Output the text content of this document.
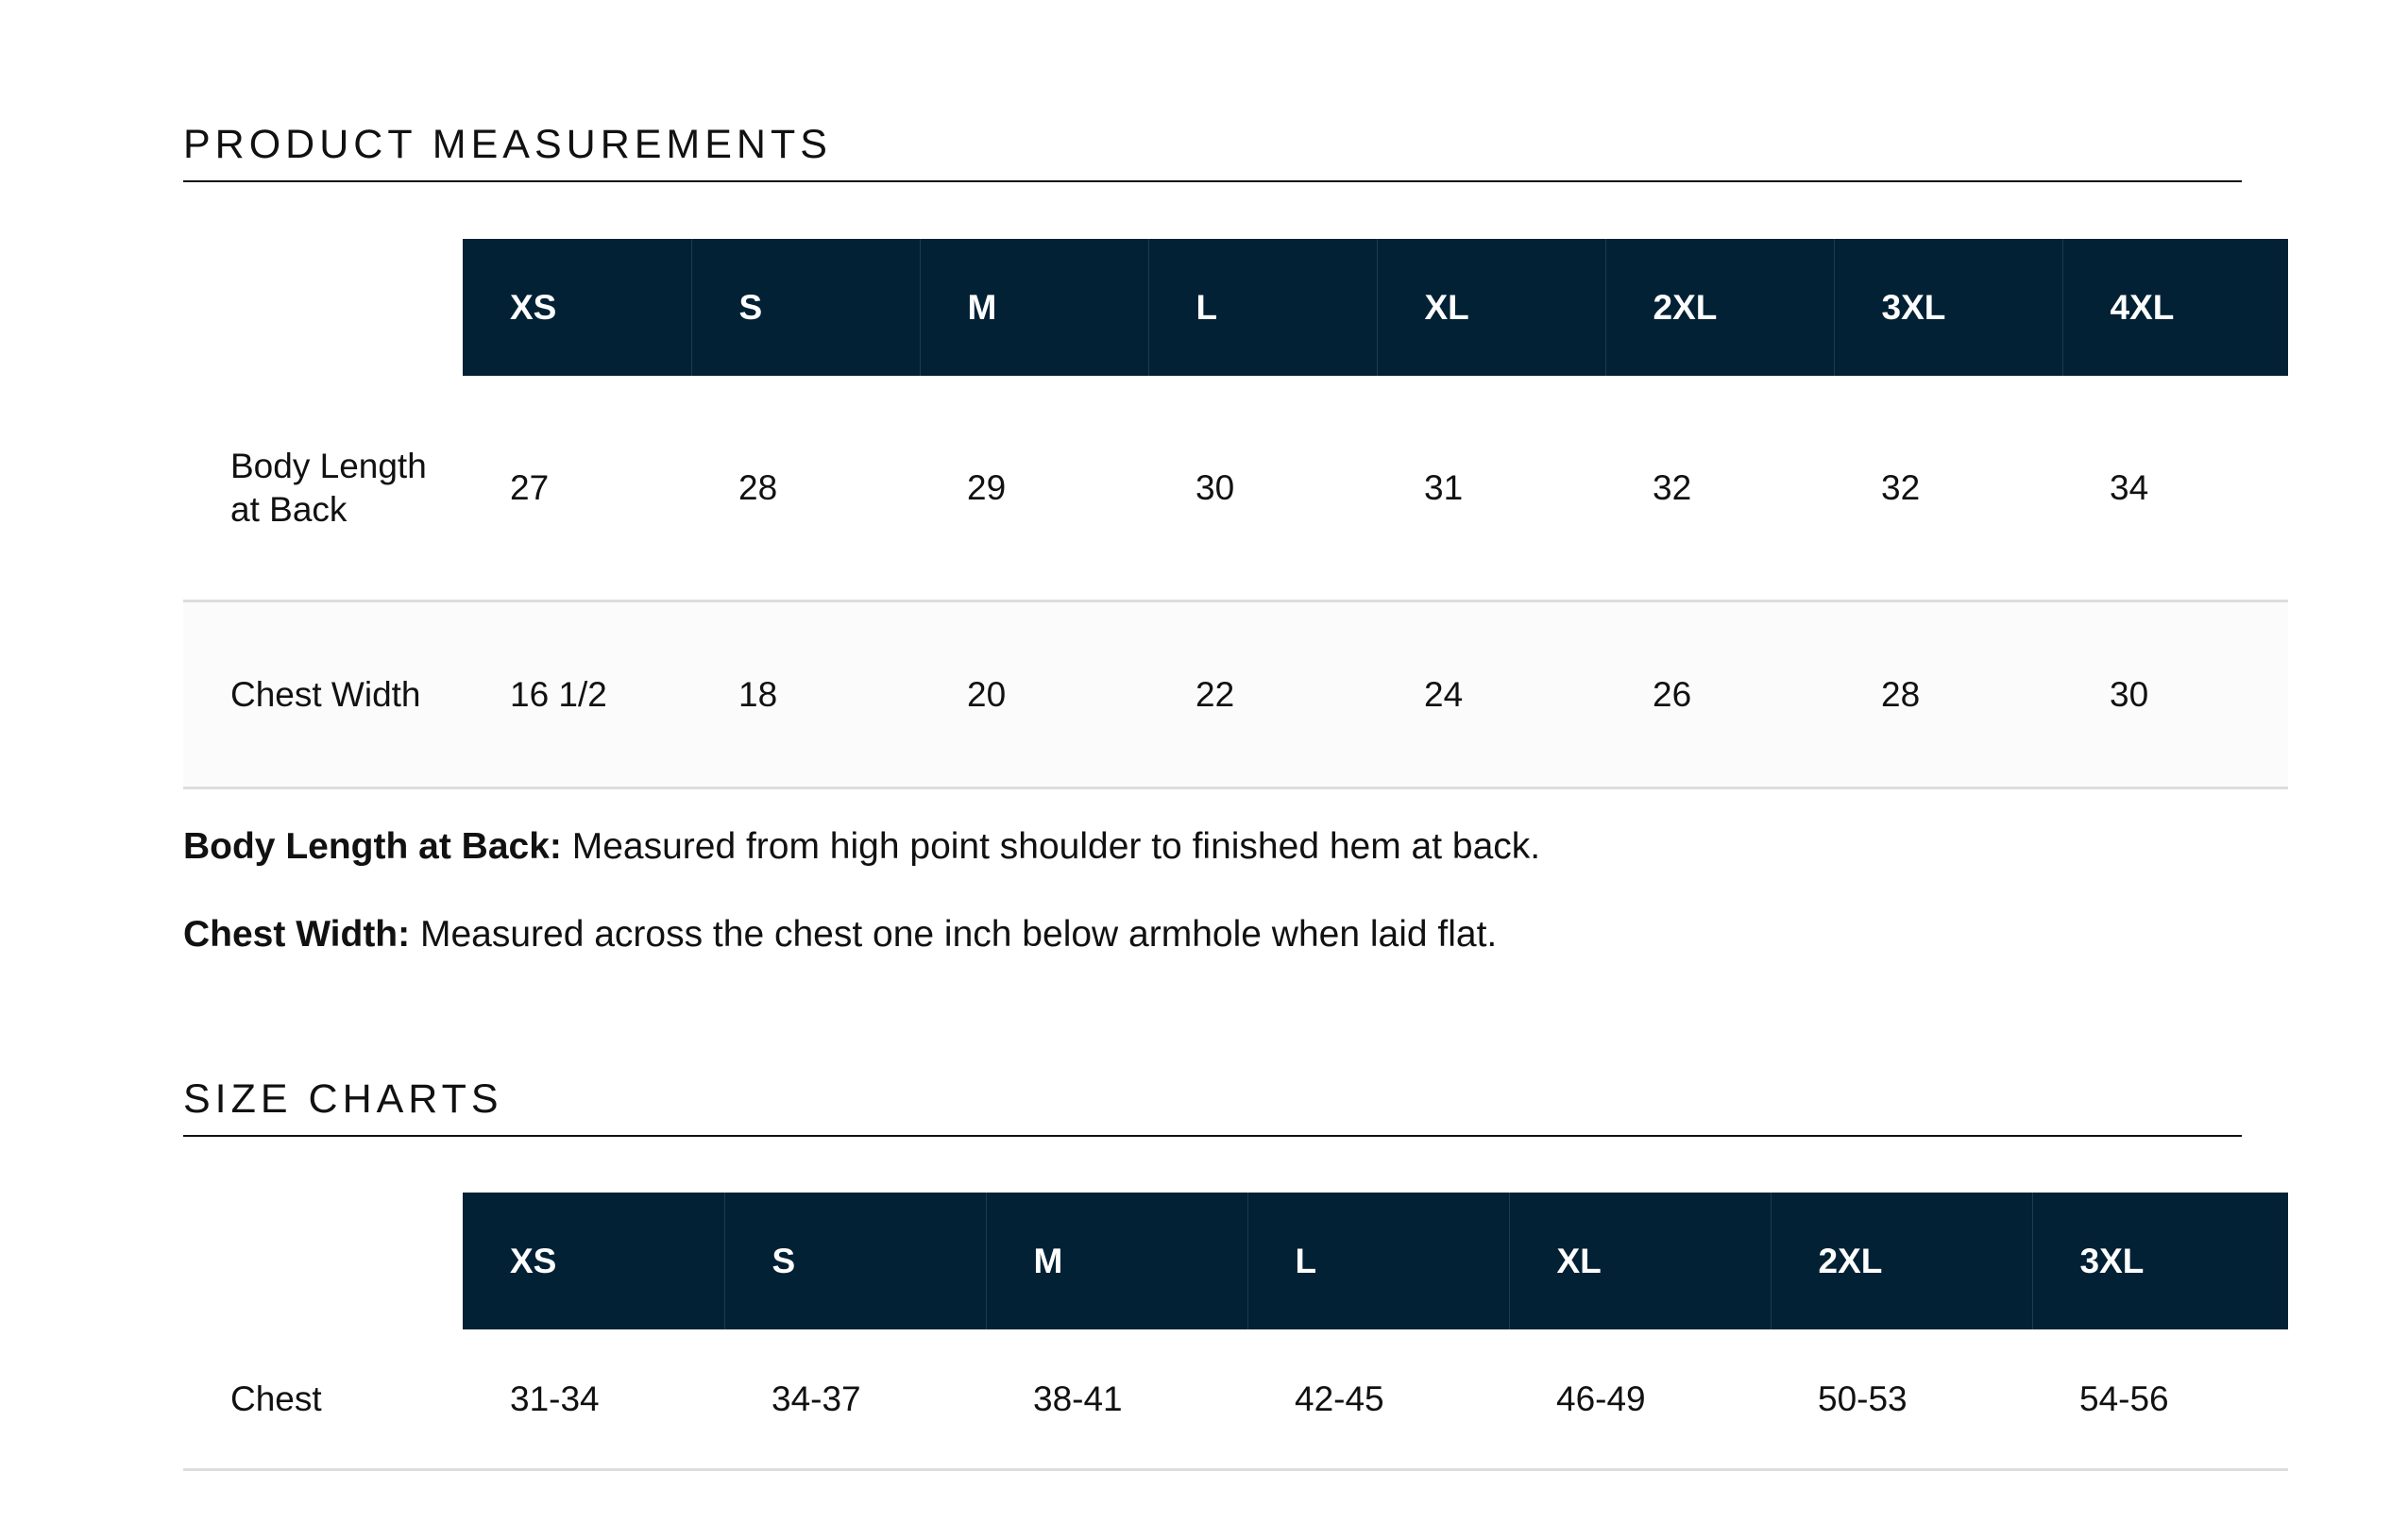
PRODUCT MEASUREMENTS
	XS	S	M	L	XL	2XL	3XL	4XL
Body Length at Back	27	28	29	30	31	32	32	34
Chest Width	16 1/2	18	20	22	24	26	28	30

Body Length at Back: Measured from high point shoulder to finished hem at back.

Chest Width: Measured across the chest one inch below armhole when laid flat.

SIZE CHARTS
	XS	S	M	L	XL	2XL	3XL
Chest	31-34	34-37	38-41	42-45	46-49	50-53	54-56
